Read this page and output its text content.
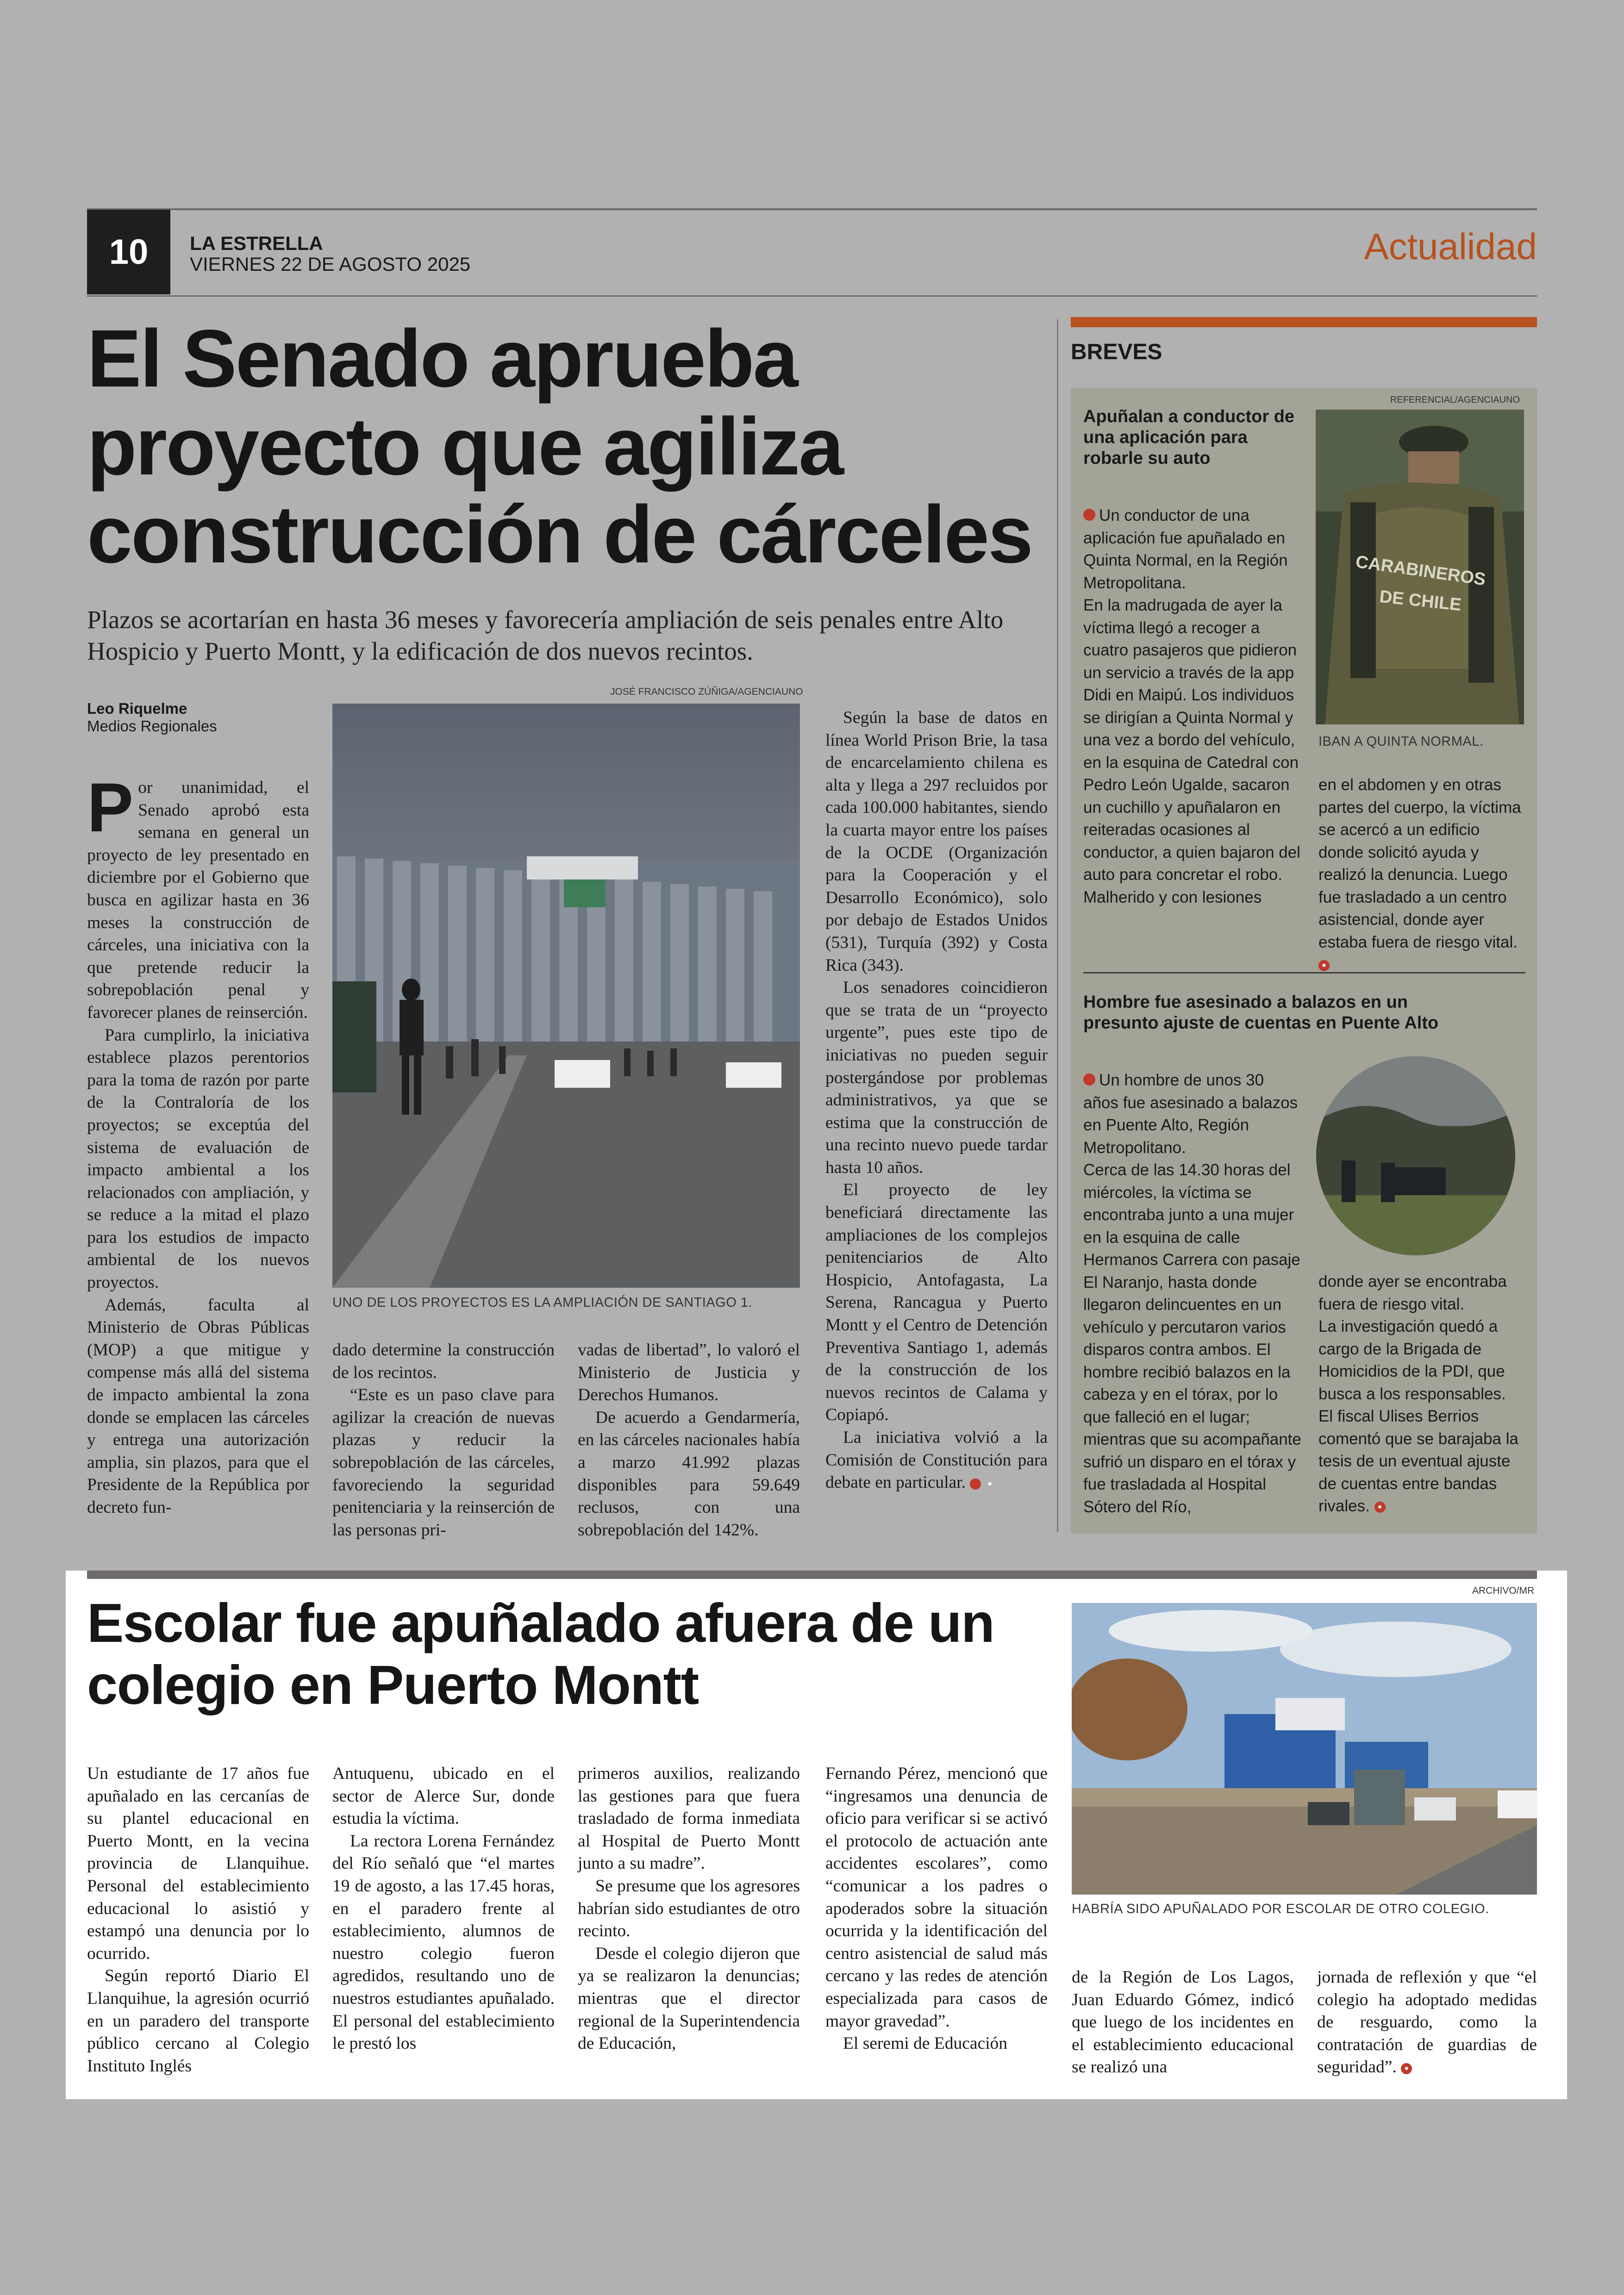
10	LA ESTRELLA
VIERNES 22 DE AGOSTO 2025	Actualidad
El Senado aprueba proyecto que agiliza construcción de cárceles

Plazos se acortarían en hasta 36 meses y favorecería ampliación de seis penales entre Alto Hospicio y Puerto Montt, y la edificación de dos nuevos recintos.

Leo Riquelme
Medios Regionales
JOSÉ FRANCISCO ZÚÑIGA/AGENCIAUNO
UNO DE LOS PROYECTOS ES LA AMPLIACIÓN DE SANTIAGO 1.

Por unanimidad, el Senado aprobó esta semana en general un proyecto de ley presentado en diciembre por el Gobierno que busca en agilizar hasta en 36 meses la construcción de cárceles, una iniciativa con la que pretende reducir la sobrepoblación penal y favorecer planes de reinserción.

Para cumplirlo, la iniciativa establece plazos perentorios para la toma de razón por parte de la Contraloría de los proyectos; se exceptúa del sistema de evaluación de impacto ambiental a los relacionados con ampliación, y se reduce a la mitad el plazo para los estudios de impacto ambiental de los nuevos proyectos.

Además, faculta al Ministerio de Obras Públicas (MOP) a que mitigue y compense más allá del sistema de impacto ambiental la zona donde se emplacen las cárceles y entrega una autorización amplia, sin plazos, para que el Presidente de la República por decreto fun-

dado determine la construcción de los recintos.

“Este es un paso clave para agilizar la creación de nuevas plazas y reducir la sobrepoblación de las cárceles, favoreciendo la seguridad penitenciaria y la reinserción de las personas pri-

vadas de libertad”, lo valoró el Ministerio de Justicia y Derechos Humanos.

De acuerdo a Gendarmería, en las cárceles nacionales había a marzo 41.992 plazas disponibles para 59.649 reclusos, con una sobrepoblación del 142%.

Según la base de datos en línea World Prison Brie, la tasa de encarcelamiento chilena es alta y llega a 297 recluidos por cada 100.000 habitantes, siendo la cuarta mayor entre los países de la OCDE (Organización para la Cooperación y el Desarrollo Económico), solo por debajo de Estados Unidos (531), Turquía (392) y Costa Rica (343).

Los senadores coincidieron que se trata de un “proyecto urgente”, pues este tipo de iniciativas no pueden seguir postergándose por problemas administrativos, ya que se estima que la construcción de una recinto nuevo puede tardar hasta 10 años.

El proyecto de ley beneficiará directamente las ampliaciones de los complejos penitenciarios de Alto Hospicio, Antofagasta, La Serena, Rancagua y Puerto Montt y el Centro de Detención Preventiva Santiago 1, además de la construcción de los nuevos recintos de Calama y Copiapó.

La iniciativa volvió a la Comisión de Constitución para debate en particular.	●

BREVES
Apuñalan a conductor de una aplicación para robarle su auto
REFERENCIAL/AGENCIAUNO
CARABINEROS
DE CHILE
IBAN A QUINTA NORMAL.

Un conductor de una aplicación fue apuñalado en Quinta Normal, en la Región Metropolitana.

En la madrugada de ayer la víctima llegó a recoger a cuatro pasajeros que pidieron un servicio a través de la app Didi en Maipú. Los individuos se dirigían a Quinta Normal y una vez a bordo del vehículo, en la esquina de Catedral con Pedro León Ugalde, sacaron un cuchillo y apuñalaron en reiteradas ocasiones al conductor, a quien bajaron del auto para concretar el robo.

Malherido y con lesiones

en el abdomen y en otras partes del cuerpo, la víctima se acercó a un edificio donde solicitó ayuda y realizó la denuncia. Luego fue trasladado a un centro asistencial, donde ayer estaba fuera de riesgo vital. ●

Hombre fue asesinado a balazos en un presunto ajuste de cuentas en Puente Alto

Un hombre de unos 30 años fue asesinado a balazos en Puente Alto, Región Metropolitano.

Cerca de las 14.30 horas del miércoles, la víctima se encontraba junto a una mujer en la esquina de calle Hermanos Carrera con pasaje El Naranjo, hasta donde llegaron delincuentes en un vehículo y percutaron varios disparos contra ambos. El hombre recibió balazos en la cabeza y en el tórax, por lo que falleció en el lugar; mientras que su acompañante sufrió un disparo en el tórax y fue trasladada al Hospital Sótero del Río,

donde ayer se encontraba fuera de riesgo vital.

La investigación quedó a cargo de la Brigada de Homicidios de la PDI, que busca a los responsables.

El fiscal Ulises Berrios comentó que se barajaba la tesis de un eventual ajuste de cuentas entre bandas rivales. ●

Escolar fue apuñalado afuera de un colegio en Puerto Montt
ARCHIVO/MR
HABRÍA SIDO APUÑALADO POR ESCOLAR DE OTRO COLEGIO.

Un estudiante de 17 años fue apuñalado en las cercanías de su plantel educacional en Puerto Montt, en la vecina provincia de Llanquihue. Personal del establecimiento educacional lo asistió y estampó una denuncia por lo ocurrido.

Según reportó Diario El Llanquihue, la agresión ocurrió en un paradero del transporte público cercano al Colegio Instituto Inglés

Antuquenu, ubicado en el sector de Alerce Sur, donde estudia la víctima.

La rectora Lorena Fernández del Río señaló que “el martes 19 de agosto, a las 17.45 horas, en el paradero frente al establecimiento, alumnos de nuestro colegio fueron agredidos, resultando uno de nuestros estudiantes apuñalado. El personal del establecimiento le prestó los

primeros auxilios, realizando las gestiones para que fuera trasladado de forma inmediata al Hospital de Puerto Montt junto a su madre”.

Se presume que los agresores habrían sido estudiantes de otro recinto.

Desde el colegio dijeron que ya se realizaron la denuncias; mientras que el director regional de la Superintendencia de Educación,

Fernando Pérez, mencionó que “ingresamos una denuncia de oficio para verificar si se activó el protocolo de actuación ante accidentes escolares”, como “comunicar a los padres o apoderados sobre la situación ocurrida y la identificación del centro asistencial de salud más cercano y las redes de atención especializada para casos de mayor gravedad”.

El seremi de Educación

de la Región de Los Lagos, Juan Eduardo Gómez, indicó que luego de los incidentes en el establecimiento educacional se realizó una

jornada de reflexión y que “el colegio ha adoptado medidas de resguardo, como la contratación de guardias de seguridad”. ●
